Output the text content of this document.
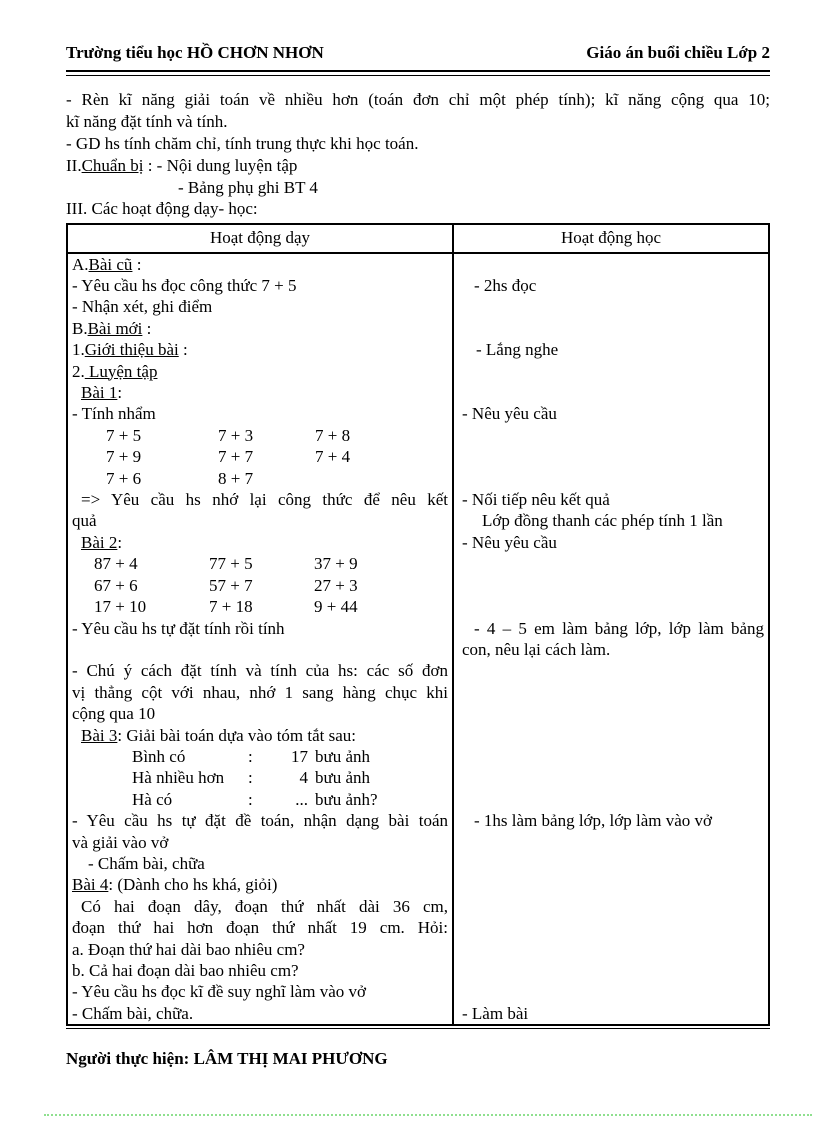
Trường tiểu học HỒ CHƠN NHƠN	Giáo án buổi chiều Lớp 2
- Rèn kĩ năng giải toán về nhiều hơn (toán đơn chỉ một phép tính); kĩ năng cộng qua 10;
kĩ năng đặt tính và tính.
- GD hs tính chăm chỉ, tính trung thực khi học toán.
II.Chuẩn bị : - Nội dung luyện tập
- Bảng phụ ghi BT 4
III. Các hoạt động dạy- học:
Hoạt động dạy	Hoạt động học
A.Bài cũ :
- Yêu cầu hs đọc công thức 7 + 5	- 2hs đọc
- Nhận xét, ghi điểm
B.Bài mới :
1.Giới thiệu bài :	- Lắng nghe
2. Luyện tập
Bài 1:
- Tính nhẩm	- Nêu yêu cầu
7 + 5	7 + 3	7 + 8
7 + 9	7 + 7	7 + 4
7 + 6	8 + 7
=> Yêu cầu hs nhớ lại công thức để nêu kết
quả
- Nối tiếp nêu kết quả
Lớp đồng thanh các phép tính 1 lần
Bài 2:	- Nêu yêu cầu
87 + 4	77 + 5	37 + 9
67 + 6	57 + 7	27 + 3
17 + 10	7 + 18	9 + 44
- Yêu cầu hs tự đặt tính rồi tính	- 4 – 5 em làm bảng lớp, lớp làm bảng
con, nêu lại cách làm.
- Chú ý cách đặt tính và tính của hs: các số đơn
vị thẳng cột với nhau, nhớ 1 sang hàng chục khi
cộng qua 10
Bài 3: Giải bài toán dựa vào tóm tắt sau:
Bình có	: 17 bưu ảnh
Hà nhiều hơn :	4 bưu ảnh
Hà có	:	... bưu ảnh?
- Yêu cầu hs tự đặt đề toán, nhận dạng bài toán
và giải vào vở
- 1hs làm bảng lớp, lớp làm vào vở
- Chấm bài, chữa
Bài 4: (Dành cho hs khá, giỏi)
Có hai đoạn dây, đoạn thứ nhất dài 36 cm,
đoạn thứ hai hơn đoạn thứ nhất 19 cm. Hỏi:
a. Đoạn thứ hai dài bao nhiêu cm?
b. Cả hai đoạn dài bao nhiêu cm?
- Yêu cầu hs đọc kĩ đề suy nghĩ làm vào vở
- Chấm bài, chữa.	- Làm bài
Người thực hiện: LÂM THỊ MAI PHƯƠNG
